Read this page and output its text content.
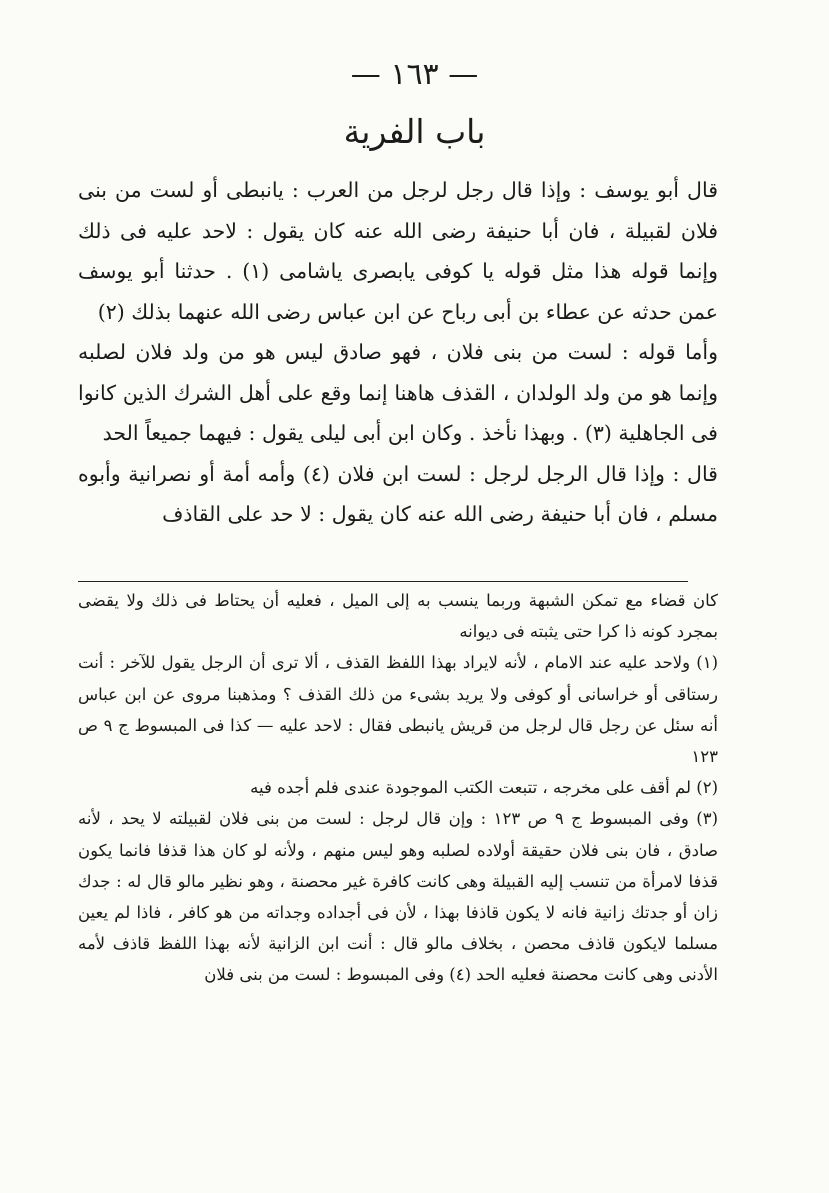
— ١٦٣ —
باب الفرية

قال أبو يوسف : وإذا قال رجل لرجل من العرب : يانبطى أو لست من بنى فلان لقبيلة ، فان أبا حنيفة رضى الله عنه كان يقول : لاحد عليه فى ذلك وإنما قوله هذا مثل قوله يا كوفى يابصرى ياشامى (١) . حدثنا أبو يوسف عمن حدثه عن عطاء بن أبى رباح عن ابن عباس رضى الله عنهما بذلك (٢)

وأما قوله : لست من بنى فلان ، فهو صادق ليس هو من ولد فلان لصلبه وإنما هو من ولد الولدان ، القذف هاهنا إنما وقع على أهل الشرك الذين كانوا فى الجاهلية (٣) . وبهذا نأخذ . وكان ابن أبى ليلى يقول : فيهما جميعاً الحد

قال : وإذا قال الرجل لرجل : لست ابن فلان (٤) وأمه أمة أو نصرانية وأبوه مسلم ، فان أبا حنيفة رضى الله عنه كان يقول : لا حد على القاذف

كان قضاء مع تمكن الشبهة وربما ينسب به إلى الميل ، فعليه أن يحتاط فى ذلك ولا يقضى بمجرد كونه ذا كرا حتى يثبته فى ديوانه

(١) ولاحد عليه عند الامام ، لأنه لايراد بهذا اللفظ القذف ، ألا ترى أن الرجل يقول للآخر : أنت رستاقى أو خراسانى أو كوفى ولا يريد بشىء من ذلك القذف ؟ ومذهبنا مروى عن ابن عباس أنه سئل عن رجل قال لرجل من قريش يانبطى فقال : لاحد عليه — كذا فى المبسوط ج ٩ ص ١٢٣

(٢) لم أقف على مخرجه ، تتبعت الكتب الموجودة عندى فلم أجده فيه

(٣) وفى المبسوط ج ٩ ص ١٢٣ : وإن قال لرجل : لست من بنى فلان لقبيلته لا يحد ، لأنه صادق ، فان بنى فلان حقيقة أولاده لصلبه وهو ليس منهم ، ولأنه لو كان هذا قذفا فانما يكون قذفا لامرأة من تنسب إليه القبيلة وهى كانت كافرة غير محصنة ، وهو نظير مالو قال له : جدك زان أو جدتك زانية فانه لا يكون قاذفا بهذا ، لأن فى أجداده وجداته من هو كافر ، فاذا لم يعين مسلما لايكون قاذف محصن ، بخلاف مالو قال : أنت ابن الزانية لأنه بهذا اللفظ قاذف لأمه الأدنى وهى كانت محصنة فعليه الحد (٤) وفى المبسوط : لست من بنى فلان
